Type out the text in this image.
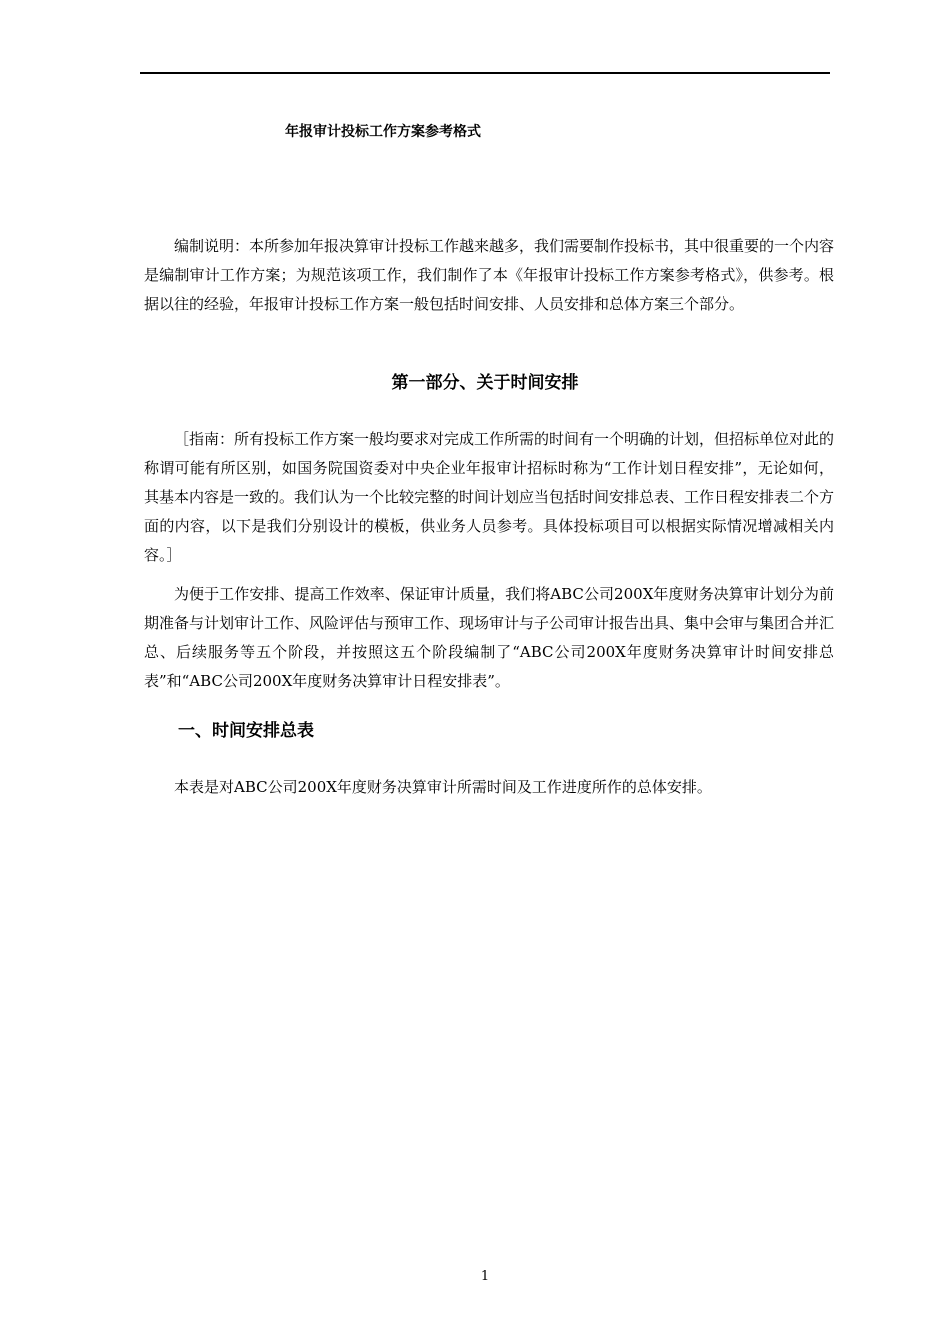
年报审计投标工作方案参考格式

编制说明：本所参加年报决算审计投标工作越来越多，我们需要制作投标书，其中很重要的一个内容是编制审计工作方案；为规范该项工作，我们制作了本《年报审计投标工作方案参考格式》，供参考。根据以往的经验，年报审计投标工作方案一般包括时间安排、人员安排和总体方案三个部分。

第一部分、关于时间安排

［指南：所有投标工作方案一般均要求对完成工作所需的时间有一个明确的计划，但招标单位对此的称谓可能有所区别，如国务院国资委对中央企业年报审计招标时称为“工作计划日程安排”，无论如何，其基本内容是一致的。我们认为一个比较完整的时间计划应当包括时间安排总表、工作日程安排表二个方面的内容，以下是我们分别设计的模板，供业务人员参考。具体投标项目可以根据实际情况增减相关内容。］

为便于工作安排、提高工作效率、保证审计质量，我们将ABC公司200X年度财务决算审计划分为前期准备与计划审计工作、风险评估与预审工作、现场审计与子公司审计报告出具、集中会审与集团合并汇总、后续服务等五个阶段，并按照这五个阶段编制了“ABC公司200X年度财务决算审计时间安排总表”和“ABC公司200X年度财务决算审计日程安排表”。

一、时间安排总表

本表是对ABC公司200X年度财务决算审计所需时间及工作进度所作的总体安排。

1
